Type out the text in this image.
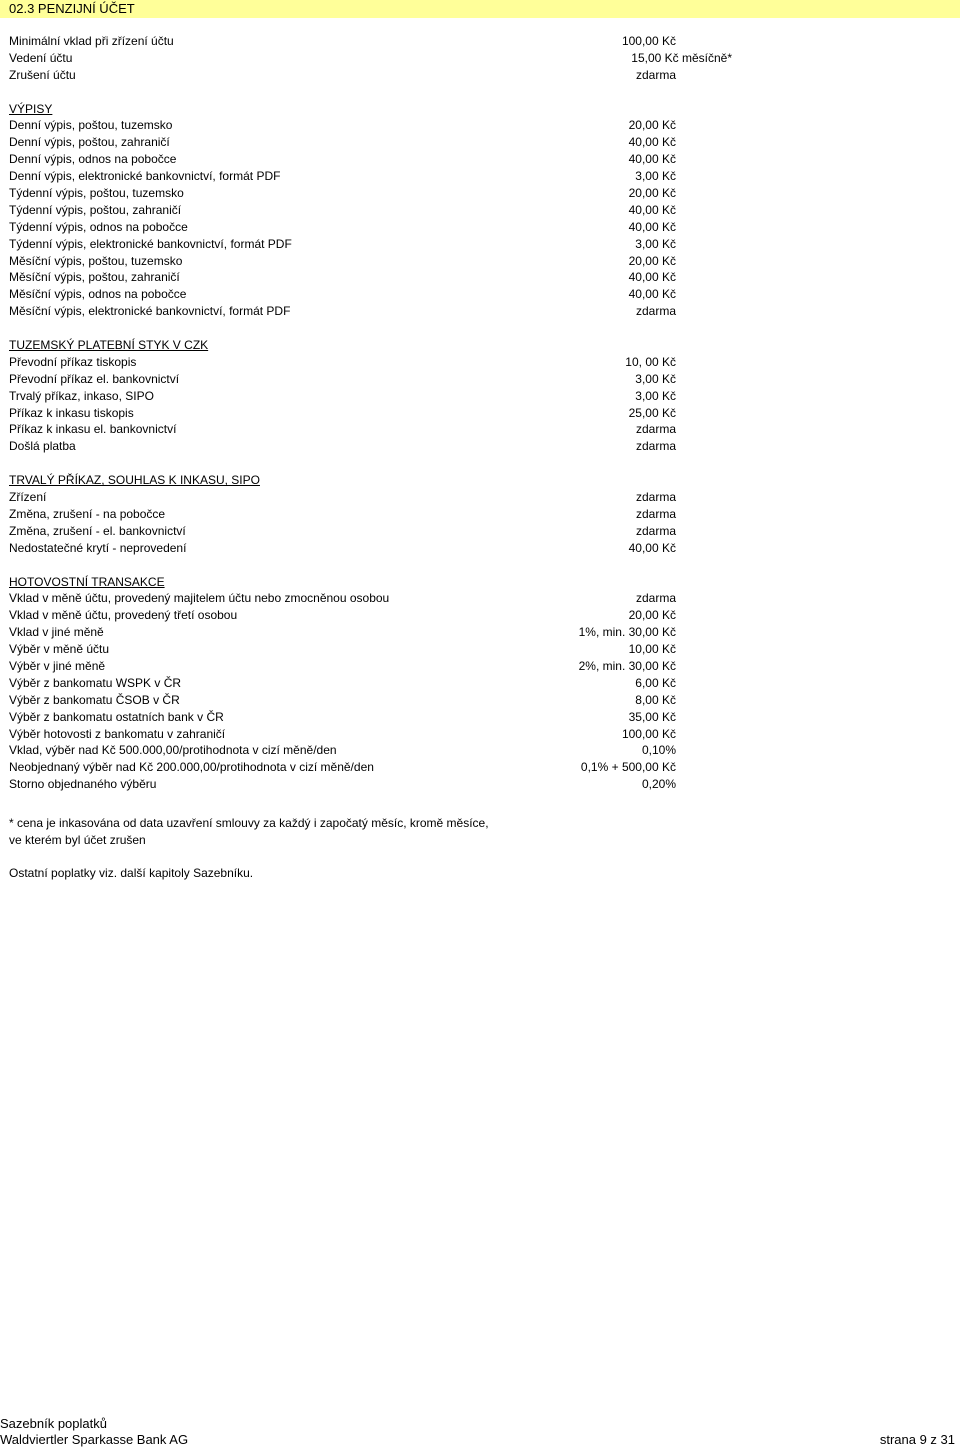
02.3 PENZIJNÍ ÚČET
Minimální vklad při zřízení účtu	100,00 Kč
Vedení účtu	15,00 Kč měsíčně*
Zrušení účtu	zdarma
VÝPISY
Denní výpis, poštou, tuzemsko	20,00 Kč
Denní výpis, poštou, zahraničí	40,00 Kč
Denní výpis, odnos na pobočce	40,00 Kč
Denní výpis, elektronické bankovnictví, formát PDF	3,00 Kč
Týdenní výpis, poštou, tuzemsko	20,00 Kč
Týdenní výpis, poštou, zahraničí	40,00 Kč
Týdenní výpis, odnos na pobočce	40,00 Kč
Týdenní výpis, elektronické bankovnictví, formát PDF	3,00 Kč
Měsíční výpis, poštou, tuzemsko	20,00 Kč
Měsíční výpis, poštou, zahraničí	40,00 Kč
Měsíční výpis, odnos na pobočce	40,00 Kč
Měsíční výpis, elektronické bankovnictví, formát PDF	zdarma
TUZEMSKÝ PLATEBNÍ STYK V CZK
Převodní příkaz tiskopis	10, 00 Kč
Převodní příkaz el. bankovnictví	3,00 Kč
Trvalý příkaz, inkaso, SIPO	3,00 Kč
Příkaz k inkasu tiskopis	25,00 Kč
Příkaz k inkasu el. bankovnictví	zdarma
Došlá platba	zdarma
TRVALÝ PŘÍKAZ, SOUHLAS K INKASU, SIPO
Zřízení	zdarma
Změna, zrušení - na pobočce	zdarma
Změna, zrušení - el. bankovnictví	zdarma
Nedostatečné krytí - neprovedení	40,00 Kč
HOTOVOSTNÍ TRANSAKCE
Vklad v měně účtu, provedený majitelem účtu nebo zmocněnou osobou	zdarma
Vklad v měně účtu, provedený třetí osobou	20,00 Kč
Vklad v jiné měně	1%, min. 30,00 Kč
Výběr v měně účtu	10,00 Kč
Výběr v jiné měně	2%, min. 30,00 Kč
Výběr z bankomatu WSPK v ČR	6,00 Kč
Výběr z bankomatu ČSOB v ČR	8,00 Kč
Výběr z bankomatu ostatních bank v ČR	35,00 Kč
Výběr hotovosti z bankomatu v zahraničí	100,00 Kč
Vklad, výběr nad Kč 500.000,00/protihodnota v cizí měně/den	0,10%
Neobjednaný výběr nad Kč 200.000,00/protihodnota v cizí měně/den	0,1% + 500,00 Kč
Storno objednaného výběru	0,20%
* cena je inkasována od data uzavření smlouvy za každý i započatý měsíc, kromě měsíce,
ve kterém byl účet zrušen
Ostatní poplatky viz. další kapitoly Sazebníku.
Sazebník poplatků
Waldviertler Sparkasse Bank AG	strana 9 z 31
